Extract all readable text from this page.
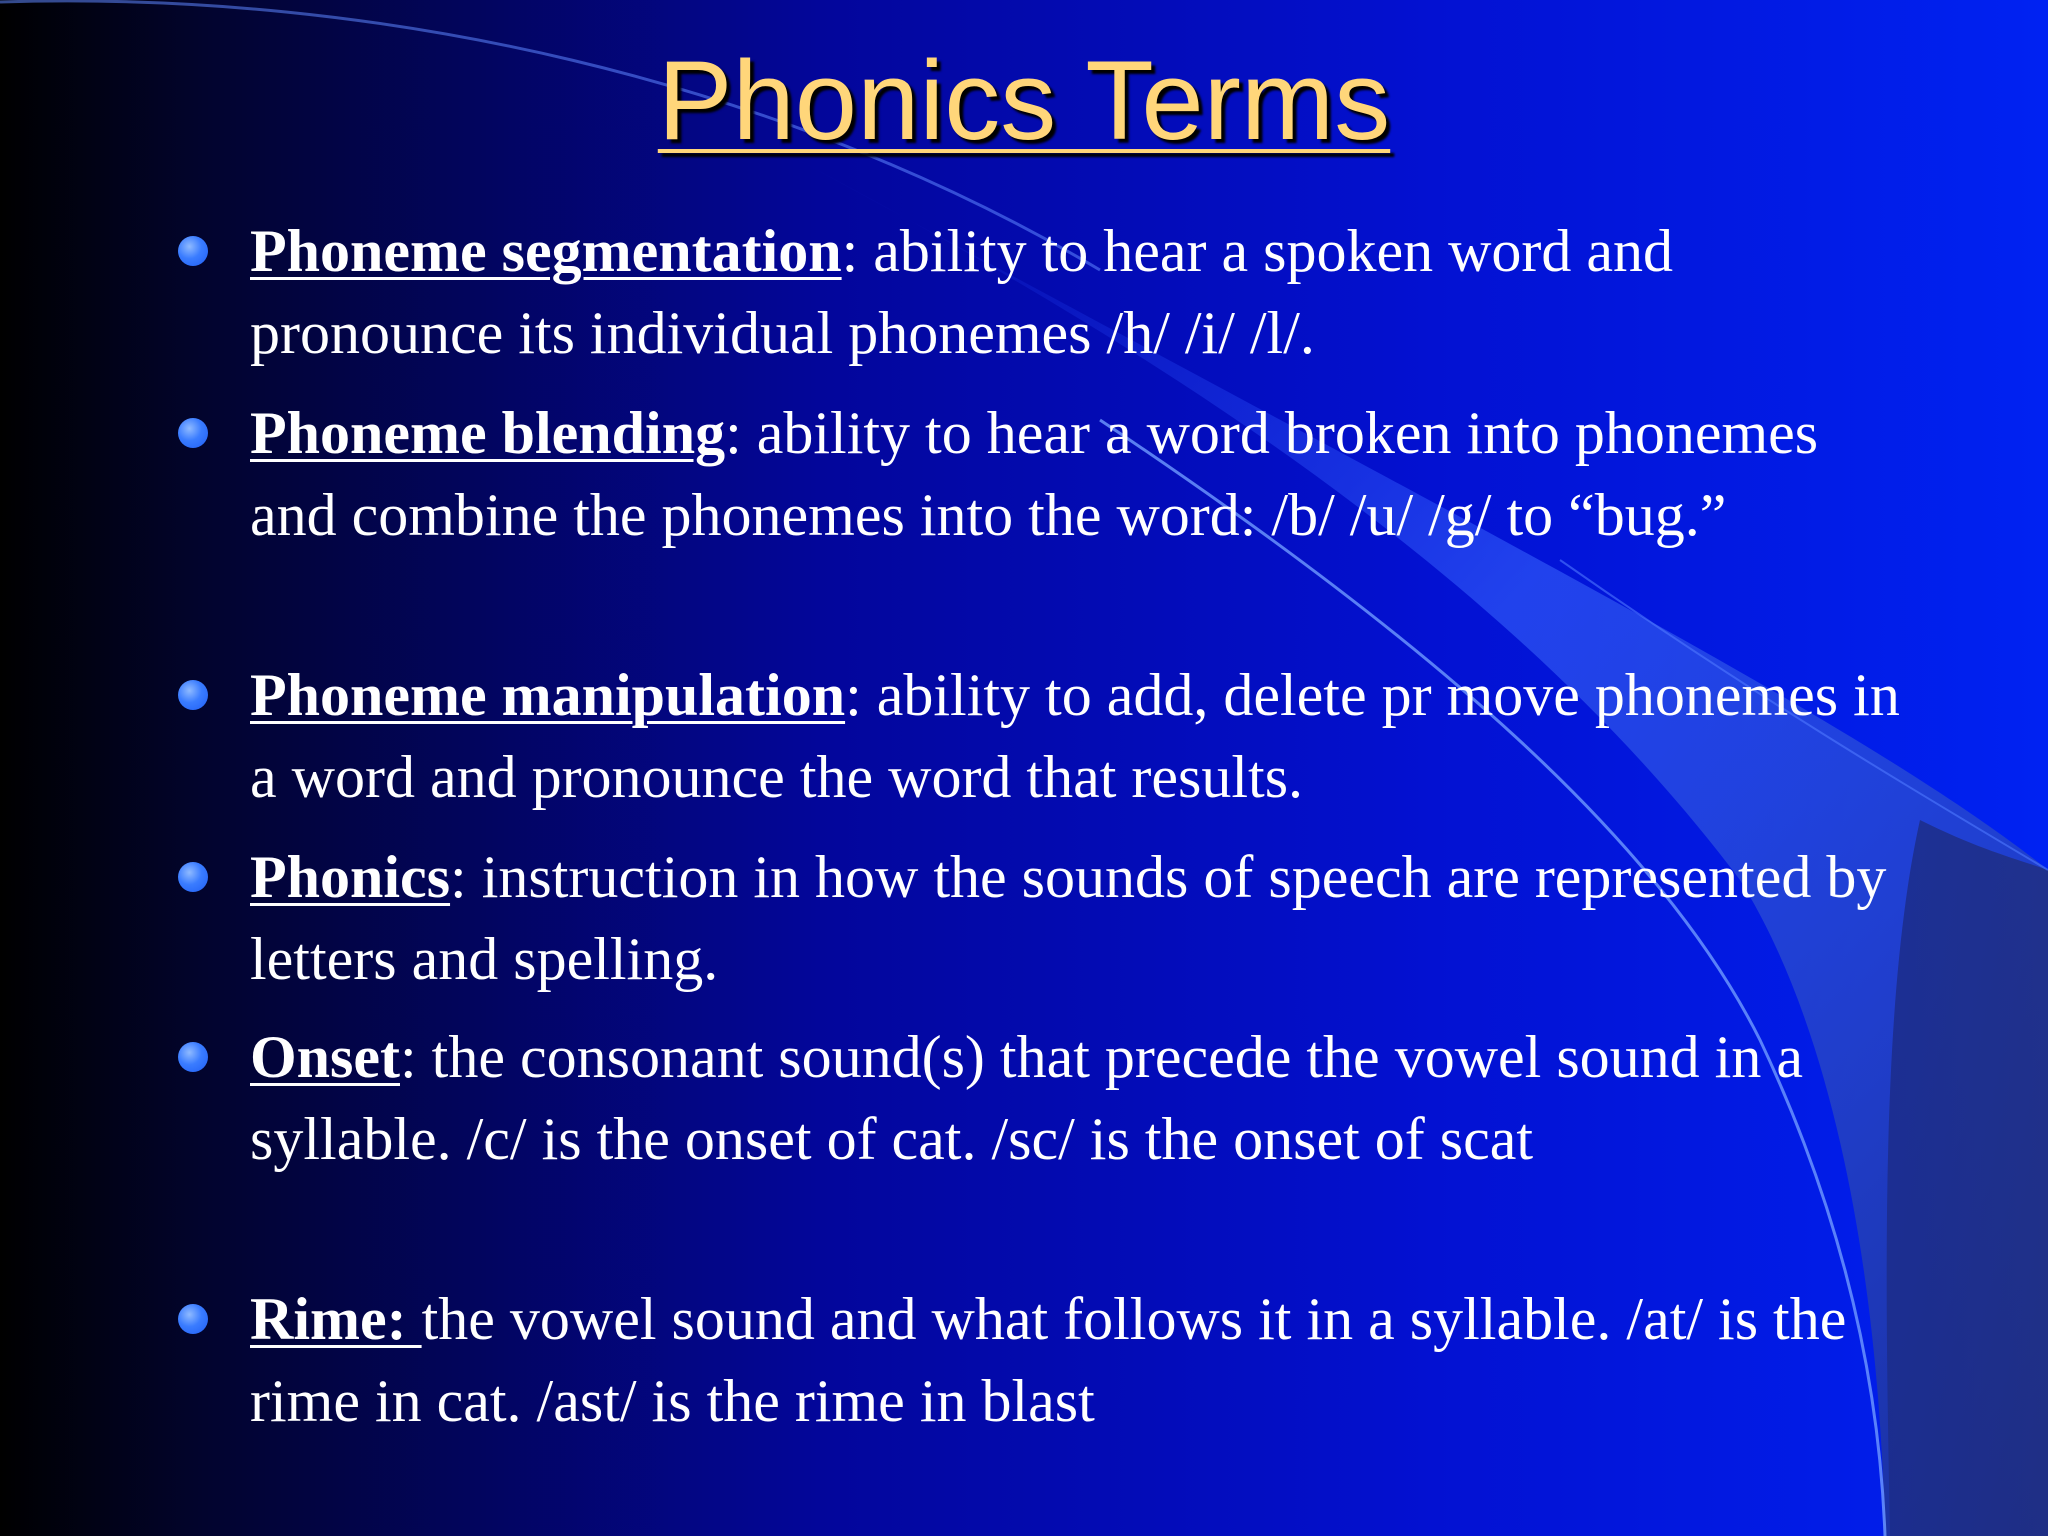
Phonics Terms
Phoneme segmentation: ability to hear a spoken word and pronounce its individual phonemes /h/ /i/ /l/.
Phoneme blending: ability to hear a word broken into phonemes and combine the phonemes into the word: /b/ /u/ /g/ to “bug.”
Phoneme manipulation: ability to add, delete pr move phonemes in a word and pronounce the word that results.
Phonics: instruction in how the sounds of speech are represented by letters and spelling.
Onset: the consonant sound(s) that precede the vowel sound in a syllable. /c/ is the onset of cat. /sc/ is the onset of scat
Rime: the vowel sound and what follows it in a syllable. /at/ is the rime in cat. /ast/ is the rime in blast
